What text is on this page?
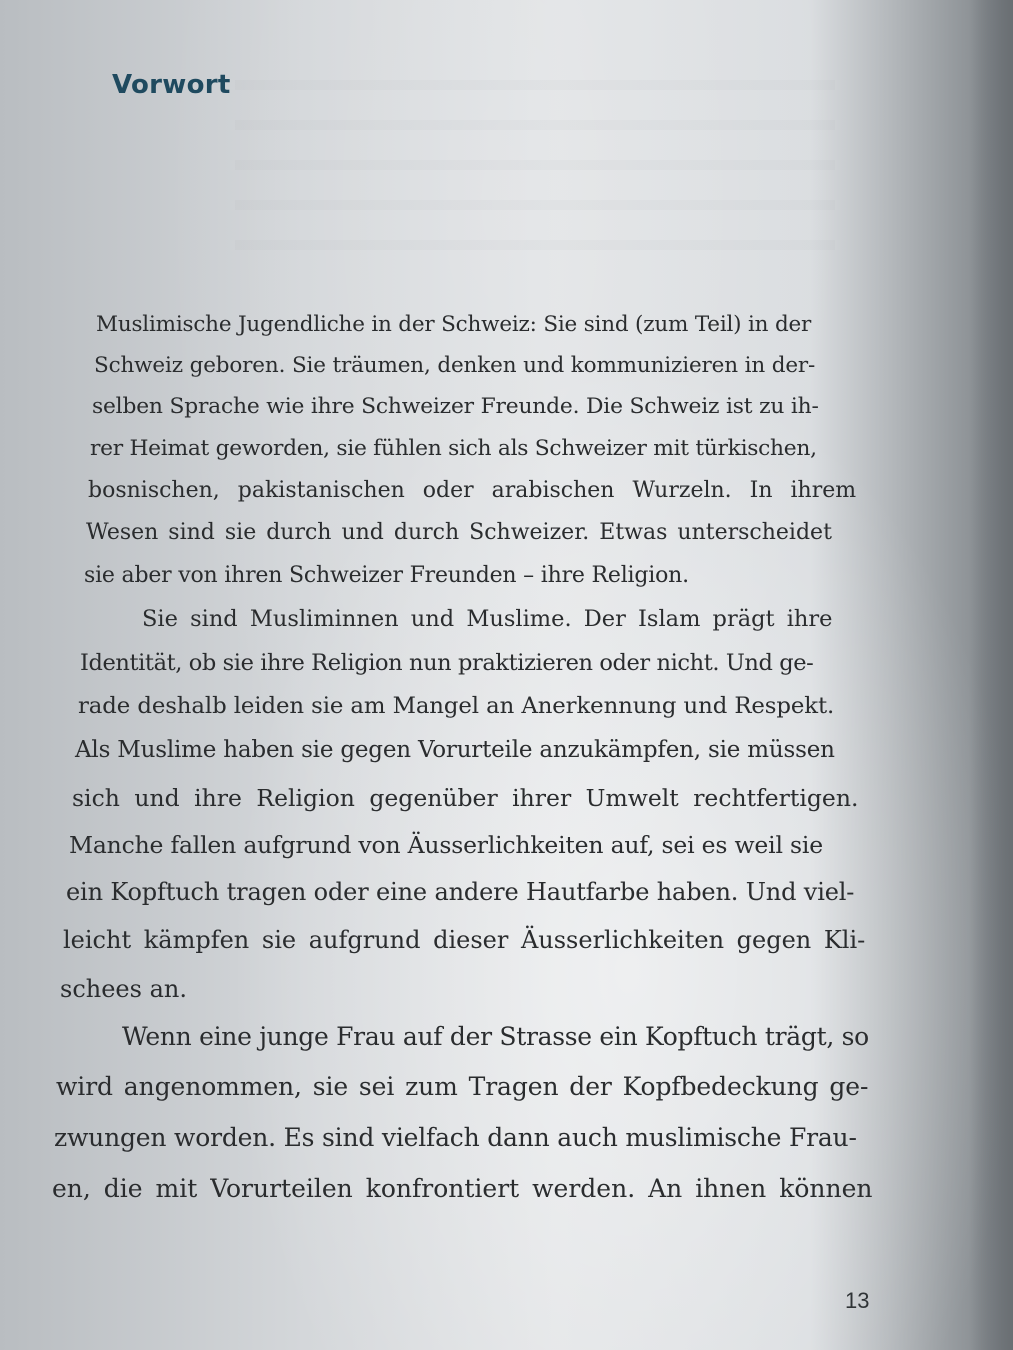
Vorwort

Muslimische Jugendliche in der Schweiz: Sie sind (zum Teil) in der

Schweiz geboren. Sie träumen, denken und kommunizieren in der-

selben Sprache wie ihre Schweizer Freunde. Die Schweiz ist zu ih-

rer Heimat geworden, sie fühlen sich als Schweizer mit türkischen,

bosnischen, pakistanischen oder arabischen Wurzeln. In ihrem

Wesen sind sie durch und durch Schweizer. Etwas unterscheidet

sie aber von ihren Schweizer Freunden – ihre Religion.

Sie sind Musliminnen und Muslime. Der Islam prägt ihre

Identität, ob sie ihre Religion nun praktizieren oder nicht. Und ge-

rade deshalb leiden sie am Mangel an Anerkennung und Respekt.

Als Muslime haben sie gegen Vorurteile anzukämpfen, sie müssen

sich und ihre Religion gegenüber ihrer Umwelt rechtfertigen.

Manche fallen aufgrund von Äusserlichkeiten auf, sei es weil sie

ein Kopftuch tragen oder eine andere Hautfarbe haben. Und viel-

leicht kämpfen sie aufgrund dieser Äusserlichkeiten gegen Kli-

schees an.

Wenn eine junge Frau auf der Strasse ein Kopftuch trägt, so

wird angenommen, sie sei zum Tragen der Kopfbedeckung ge-

zwungen worden. Es sind vielfach dann auch muslimische Frau-

en, die mit Vorurteilen konfrontiert werden. An ihnen können

13
